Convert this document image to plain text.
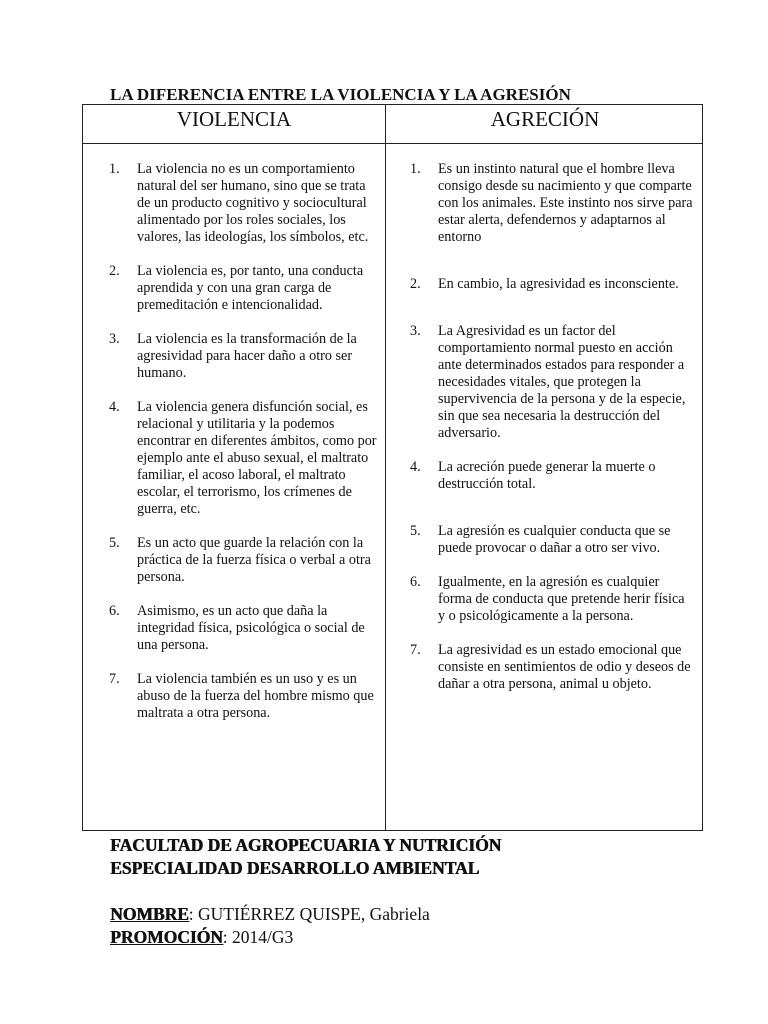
LA DIFERENCIA ENTRE LA VIOLENCIA Y LA AGRESIÓN
VIOLENCIA	AGRECIÓN
1. La violencia no es un comportamiento natural del ser humano, sino que se trata de un producto cognitivo y sociocultural alimentado por los roles sociales, los valores, las ideologías, los símbolos, etc.
2. La violencia es, por tanto, una conducta aprendida y con una gran carga de premeditación e intencionalidad.
3. La violencia es la transformación de la agresividad para hacer daño a otro ser humano.
4. La violencia genera disfunción social, es relacional y utilitaria y la podemos encontrar en diferentes ámbitos, como por ejemplo ante el abuso sexual, el maltrato familiar, el acoso laboral, el maltrato escolar, el terrorismo, los crímenes de guerra, etc.
5. Es un acto que guarde la relación con la práctica de la fuerza física o verbal a otra persona.
6. Asimismo, es un acto que daña la integridad física, psicológica o social de una persona.
7. La violencia también es un uso y es un abuso de la fuerza del hombre mismo que maltrata a otra persona.
1. Es un instinto natural que el hombre lleva consigo desde su nacimiento y que comparte con los animales. Este instinto nos sirve para estar alerta, defendernos y adaptarnos al entorno
2. En cambio, la agresividad es inconsciente.
3. La Agresividad es un factor del comportamiento normal puesto en acción ante determinados estados para responder a necesidades vitales, que protegen la supervivencia de la persona y de la especie, sin que sea necesaria la destrucción del adversario.
4. La acreción puede generar la muerte o destrucción total.
5. La agresión es cualquier conducta que se puede provocar o dañar a otro ser vivo.
6. Igualmente, en la agresión es cualquier forma de conducta que pretende herir física y o psicológicamente a la persona.
7. La agresividad es un estado emocional que consiste en sentimientos de odio y deseos de dañar a otra persona, animal u objeto.
FACULTAD DE AGROPECUARIA Y NUTRICIÓN
ESPECIALIDAD DESARROLLO AMBIENTAL
NOMBRE: GUTIÉRREZ QUISPE, Gabriela
PROMOCIÓN: 2014/G3
